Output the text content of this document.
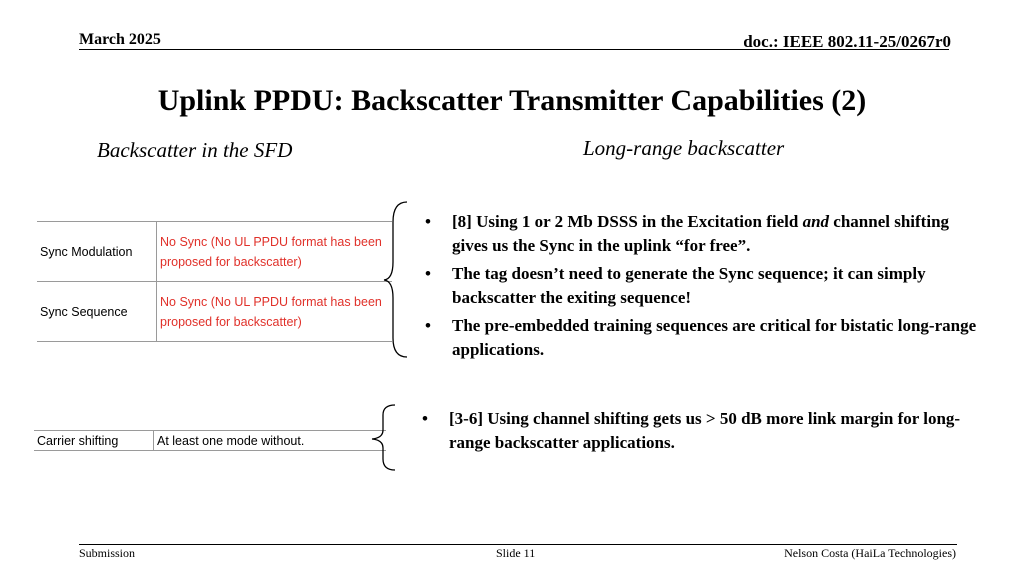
March 2025	doc.: IEEE 802.11-25/0267r0
Uplink PPDU: Backscatter Transmitter Capabilities (2)
Backscatter in the SFD	Long-range backscatter
Sync Modulation	No Sync (No UL PPDU format has been proposed for backscatter)
Sync Sequence	No Sync (No UL PPDU format has been proposed for backscatter)
Carrier shifting	At least one mode without.
• [8] Using 1 or 2 Mb DSSS in the Excitation field and channel shifting gives us the Sync in the uplink “for free”.
• The tag doesn’t need to generate the Sync sequence; it can simply backscatter the exiting sequence!
• The pre-embedded training sequences are critical for bistatic long-range applications.
• [3-6] Using channel shifting gets us > 50 dB more link margin for long-range backscatter applications.
Submission	Slide 11	Nelson Costa (HaiLa Technologies)
